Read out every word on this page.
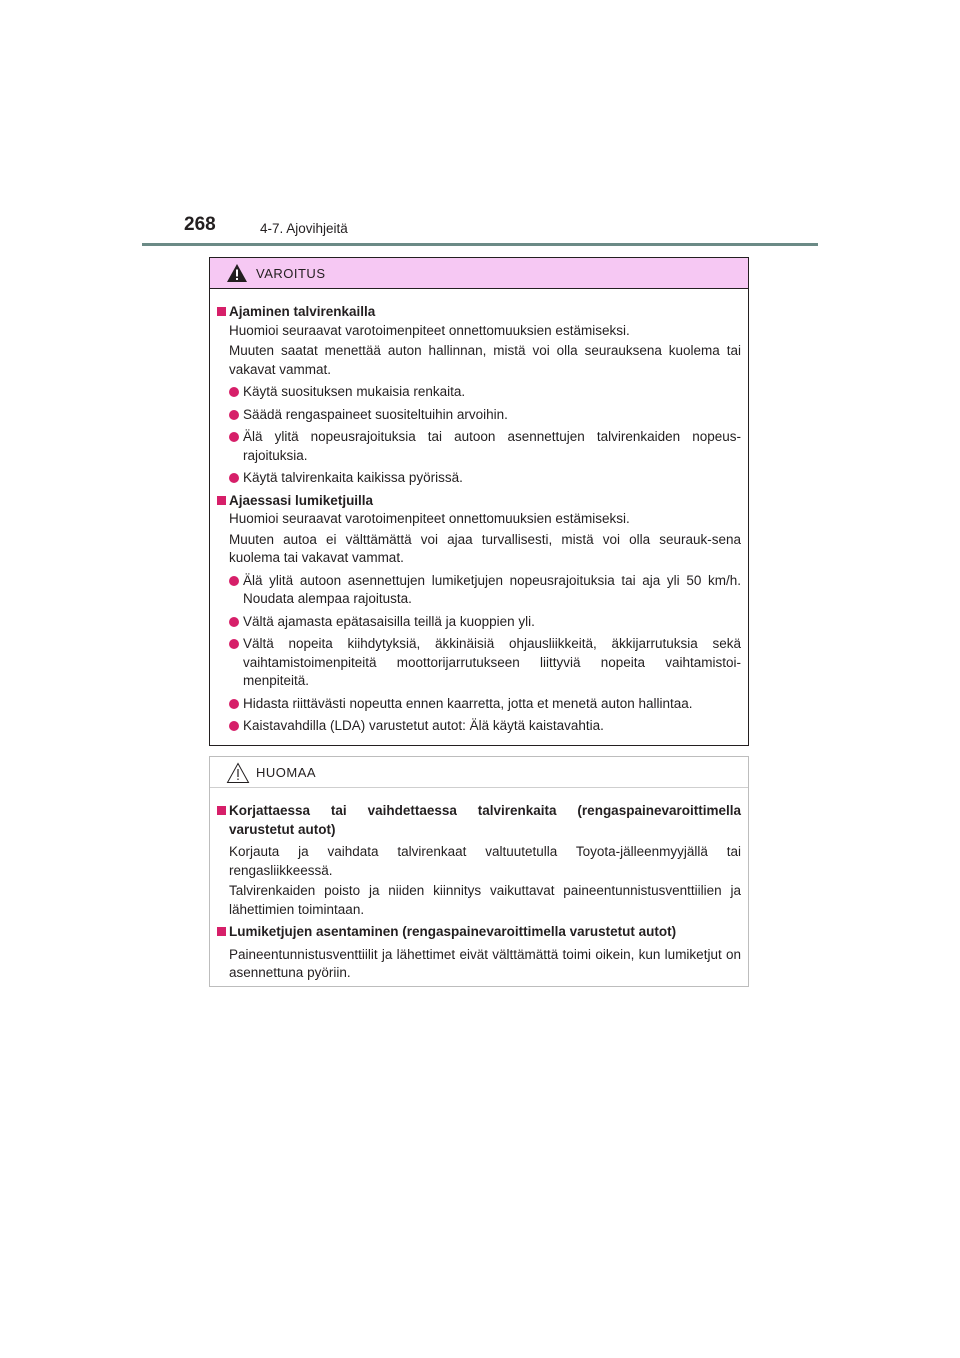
268	4-7. Ajovihjeitä
VAROITUS
Ajaminen talvirenkailla
Huomioi seuraavat varotoimenpiteet onnettomuuksien estämiseksi.
Muuten saatat menettää auton hallinnan, mistä voi olla seurauksena kuolema tai vakavat vammat.
Käytä suosituksen mukaisia renkaita.
Säädä rengaspaineet suositeltuihin arvoihin.
Älä ylitä nopeusrajoituksia tai autoon asennettujen talvirenkaiden nopeus-rajoituksia.
Käytä talvirenkaita kaikissa pyörissä.
Ajaessasi lumiketjuilla
Huomioi seuraavat varotoimenpiteet onnettomuuksien estämiseksi.
Muuten autoa ei välttämättä voi ajaa turvallisesti, mistä voi olla seurauk-sena kuolema tai vakavat vammat.
Älä ylitä autoon asennettujen lumiketjujen nopeusrajoituksia tai aja yli 50 km/h. Noudata alempaa rajoitusta.
Vältä ajamasta epätasaisilla teillä ja kuoppien yli.
Vältä nopeita kiihdytyksiä, äkkinäisiä ohjausliikkeitä, äkkijarrutuksia sekä vaihtamistoimenpiteitä moottorijarrutukseen liittyviä nopeita vaihtamistoi-menpiteitä.
Hidasta riittävästi nopeutta ennen kaarretta, jotta et menetä auton hallintaa.
Kaistavahdilla (LDA) varustetut autot: Älä käytä kaistavahtia.
HUOMAA
Korjattaessa tai vaihdettaessa talvirenkaita (rengaspainevaroittimella varustetut autot)
Korjauta ja vaihdata talvirenkaat valtuutetulla Toyota-jälleenmyyjällä tai rengasliikkeessä.
Talvirenkaiden poisto ja niiden kiinnitys vaikuttavat paineentunnistusventtiilien ja lähettimien toimintaan.
Lumiketjujen asentaminen (rengaspainevaroittimella varustetut autot)
Paineentunnistusventtiilit ja lähettimet eivät välttämättä toimi oikein, kun lumiketjut on asennettuna pyöriin.
